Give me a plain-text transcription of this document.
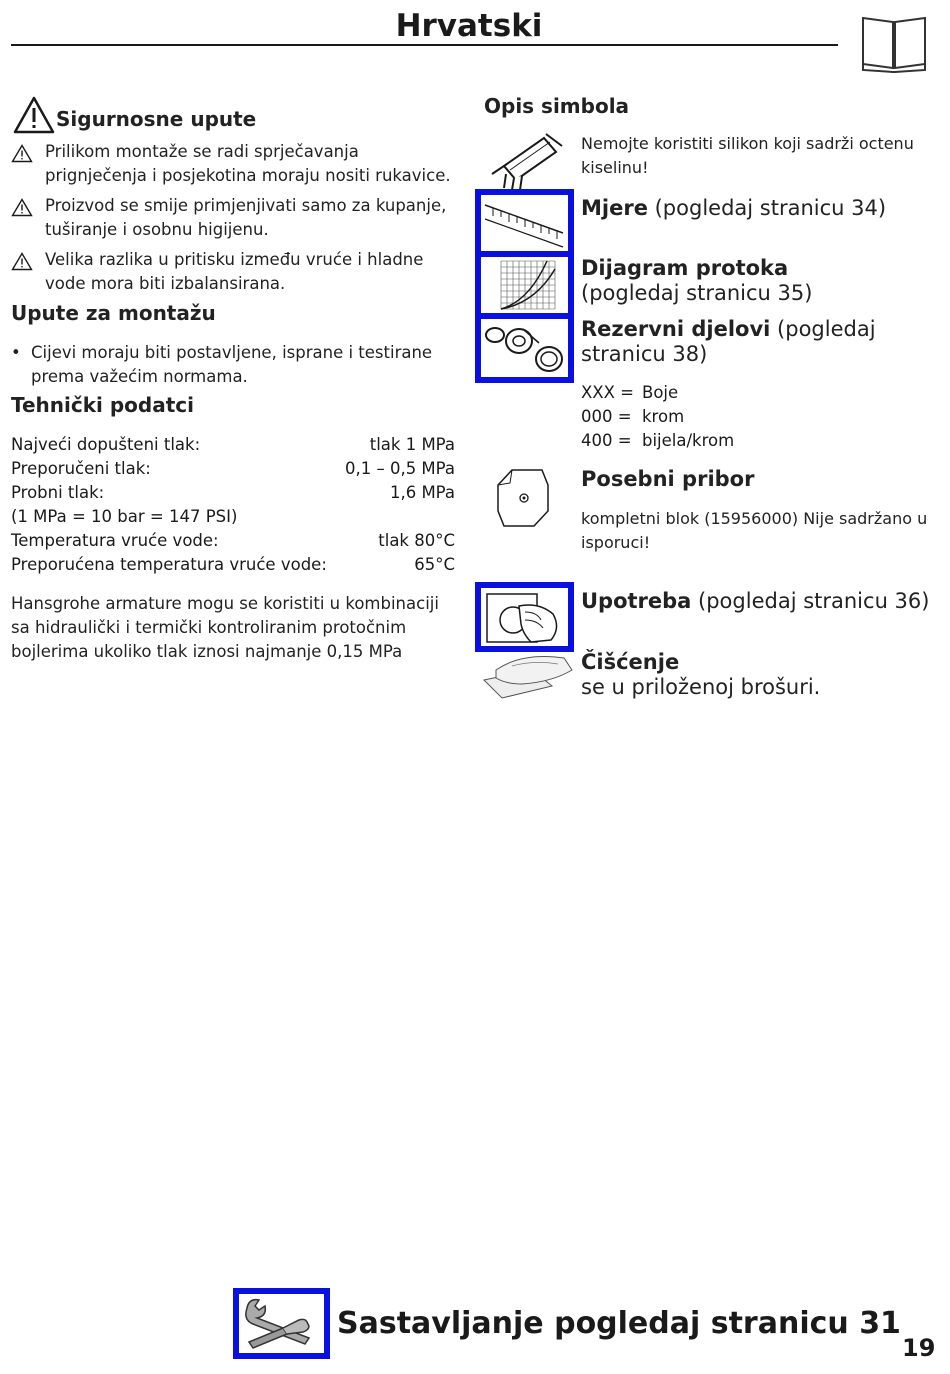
Hrvatski
Sigurnosne upute
Prilikom montaže se radi sprječavanja prignječenja i posjekotina moraju nositi rukavice.
Proizvod se smije primjenjivati samo za kupanje, tuširanje i osobnu higijenu.
Velika razlika u pritisku između vruće i hladne vode mora biti izbalansirana.
Upute za montažu
• Cijevi moraju biti postavljene, isprane i testirane prema važećim normama.
Tehnički podatci
Najveći dopušteni tlak:	tlak 1 MPa
Preporučeni tlak:	0,1 – 0,5 MPa
Probni tlak:	1,6 MPa
(1 MPa = 10 bar = 147 PSI)
Temperatura vruće vode:	tlak 80°C
Preporućena temperatura vruće vode:	65°C
Hansgrohe armature mogu se koristiti u kombinaciji sa hidraulički i termički kontroliranim protočnim bojlerima ukoliko tlak iznosi najmanje 0,15 MPa
Opis simbola
Nemojte koristiti silikon koji sadrži octenu kiselinu!
Mjere (pogledaj stranicu 34)
Dijagram protoka
(pogledaj stranicu 35)
Rezervni djelovi (pogledaj stranicu 38)
XXX = Boje
000 = krom
400 = bijela/krom
Posebni pribor
kompletni blok (15956000) Nije sadržano u isporuci!
Upotreba (pogledaj stranicu 36)
Čišćenje
se u priloženoj brošuri.
Sastavljanje pogledaj stranicu 31
19
